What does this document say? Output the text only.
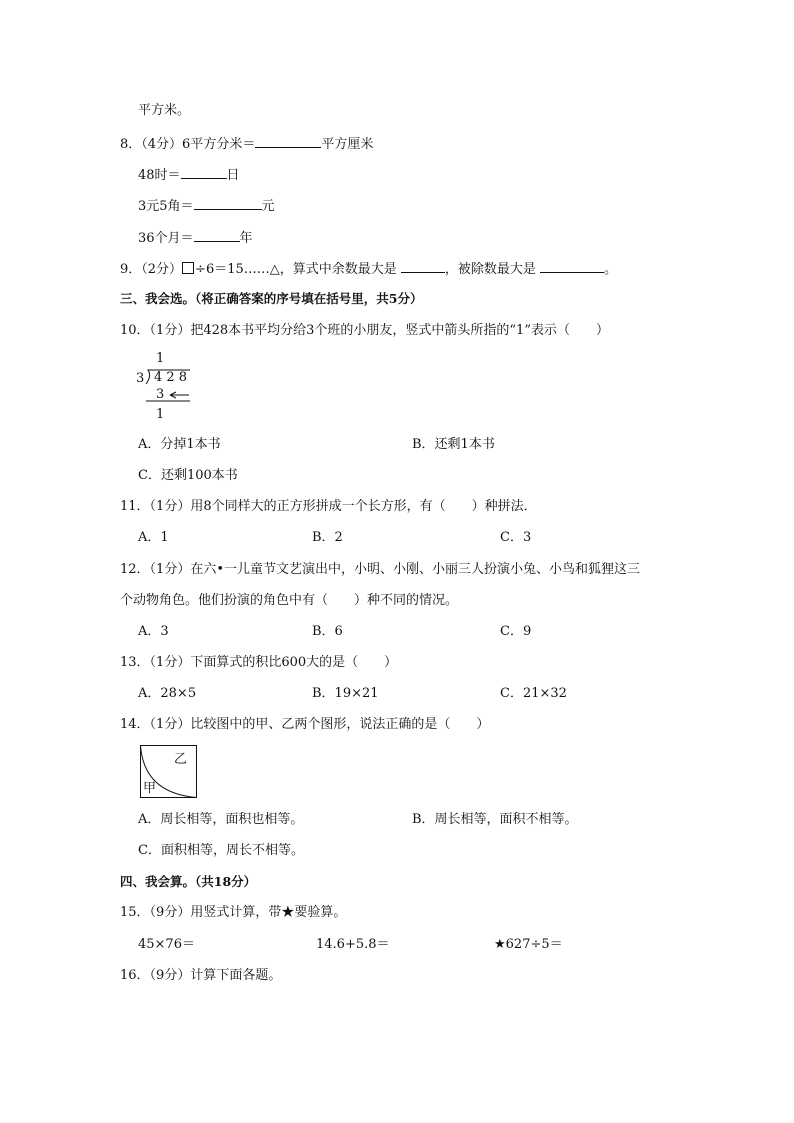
平方米。
8．（4分）6平方分米＝	平方厘米
48时＝	日
3元5角＝	元
36个月＝	年
9．（2分） ÷6＝15……△，算式中余数最大是	，被除数最大是	。
三、我会选。（将正确答案的序号填在括号里，共5分）
10．（1分）把428本书平均分给3个班的小朋友，竖式中箭头所指的“1”表示（　　）
1
3 4 2 8
3
1
A．分掉1本书	B．还剩1本书
C．还剩100本书
11．（1分）用8个同样大的正方形拼成一个长方形，有（　　）种拼法．
A．1	B．2	C．3
12．（1分）在六•一儿童节文艺演出中，小明、小刚、小丽三人扮演小兔、小鸟和狐狸这三
个动物角色。他们扮演的角色中有（　　）种不同的情况。
A．3	B．6	C．9
13．（1分）下面算式的积比600大的是（　　）
A．28×5	B．19×21	C．21×32
14．（1分）比较图中的甲、乙两个图形，说法正确的是（　　）
乙
甲
A．周长相等，面积也相等。	B．周长相等，面积不相等。
C．面积相等，周长不相等。
四、我会算。（共18分）
15．（9分）用竖式计算，带★要验算。
45×76＝	14.6+5.8＝	★627÷5＝
16．（9分）计算下面各题。
